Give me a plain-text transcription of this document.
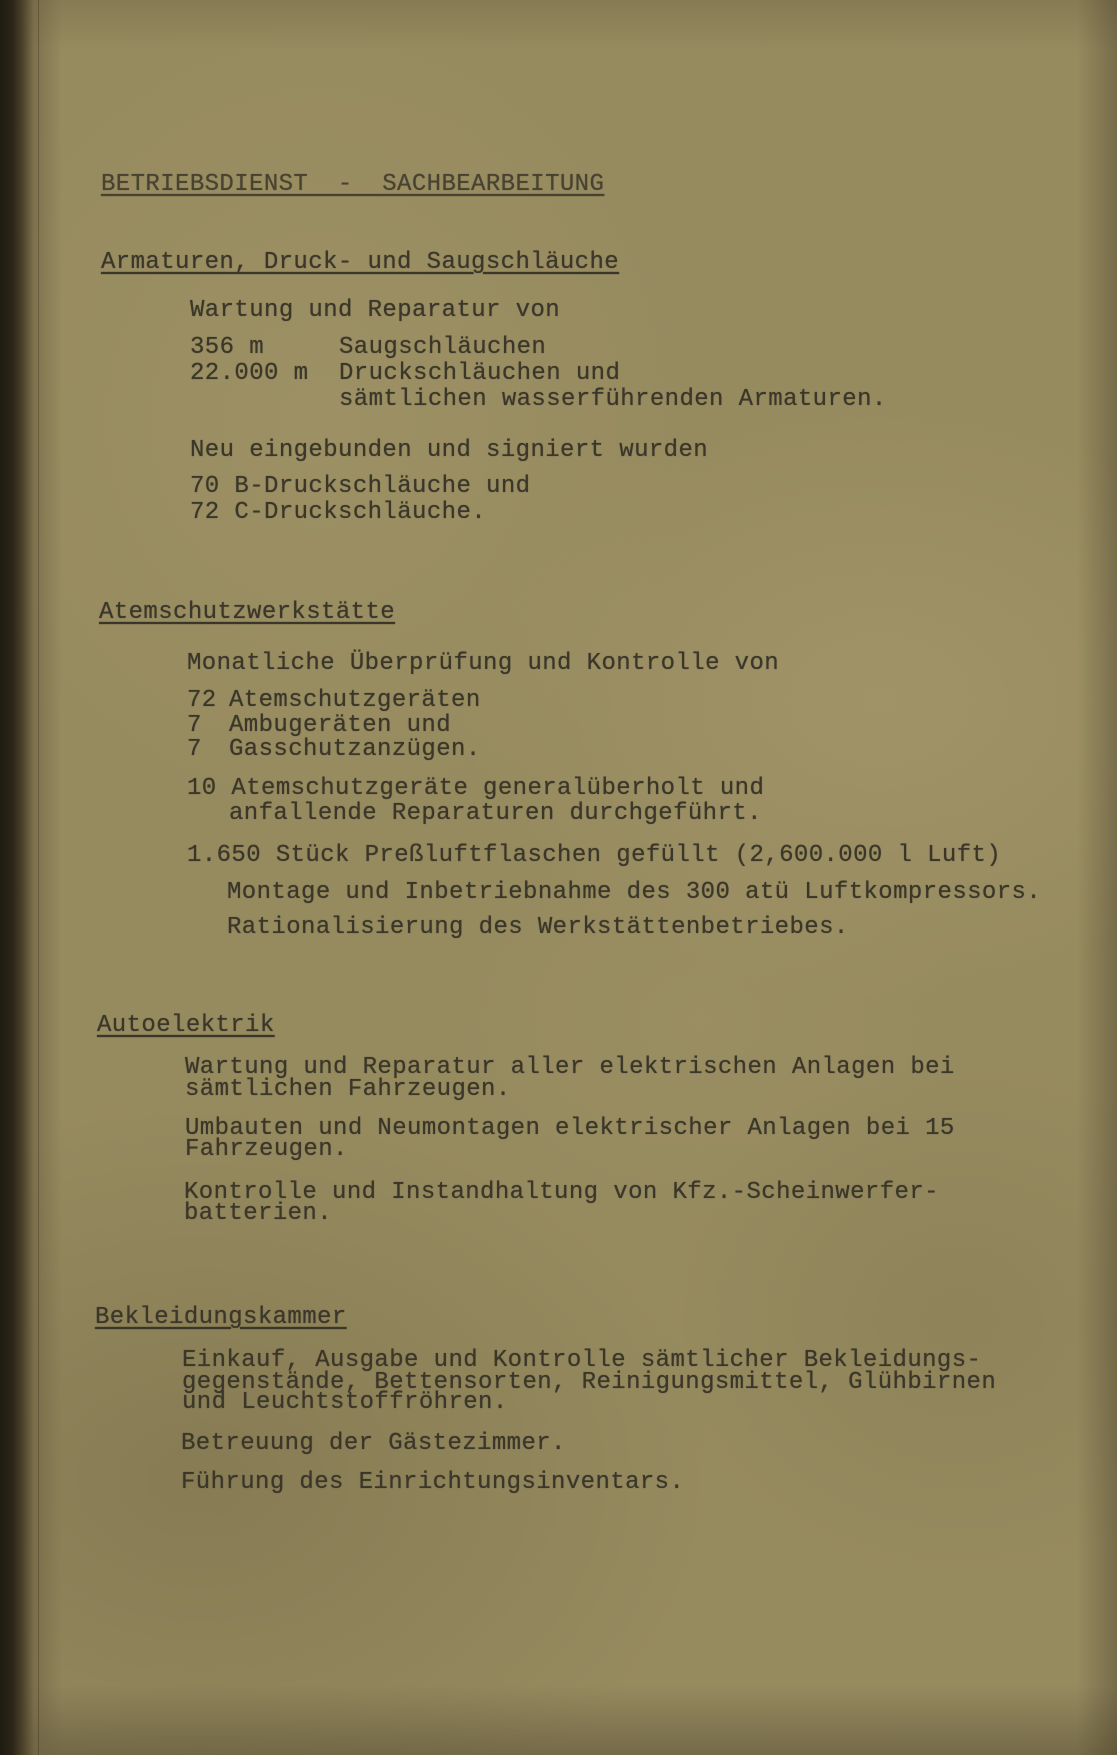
BETRIEBSDIENST  -  SACHBEARBEITUNG
Armaturen, Druck- und Saugschläuche
Wartung und Reparatur von
356 m	Saugschläuchen
22.000 m Druckschläuchen und
sämtlichen wasserführenden Armaturen.
Neu eingebunden und signiert wurden
70 B-Druckschläuche und
72 C-Druckschläuche.
Atemschutzwerkstätte
Monatliche Überprüfung und Kontrolle von
72 Atemschutzgeräten
7 Ambugeräten und
7 Gasschutzanzügen.
10 Atemschutzgeräte generalüberholt und
anfallende Reparaturen durchgeführt.
1.650 Stück Preßluftflaschen gefüllt (2,600.000 l Luft)
Montage und Inbetriebnahme des 300 atü Luftkompressors.
Rationalisierung des Werkstättenbetriebes.
Autoelektrik
Wartung und Reparatur aller elektrischen Anlagen bei
sämtlichen Fahrzeugen.
Umbauten und Neumontagen elektrischer Anlagen bei 15
Fahrzeugen.
Kontrolle und Instandhaltung von Kfz.-Scheinwerfer-
batterien.
Bekleidungskammer
Einkauf, Ausgabe und Kontrolle sämtlicher Bekleidungs-
gegenstände, Bettensorten, Reinigungsmittel, Glühbirnen
und Leuchtstoffröhren.
Betreuung der Gästezimmer.
Führung des Einrichtungsinventars.
